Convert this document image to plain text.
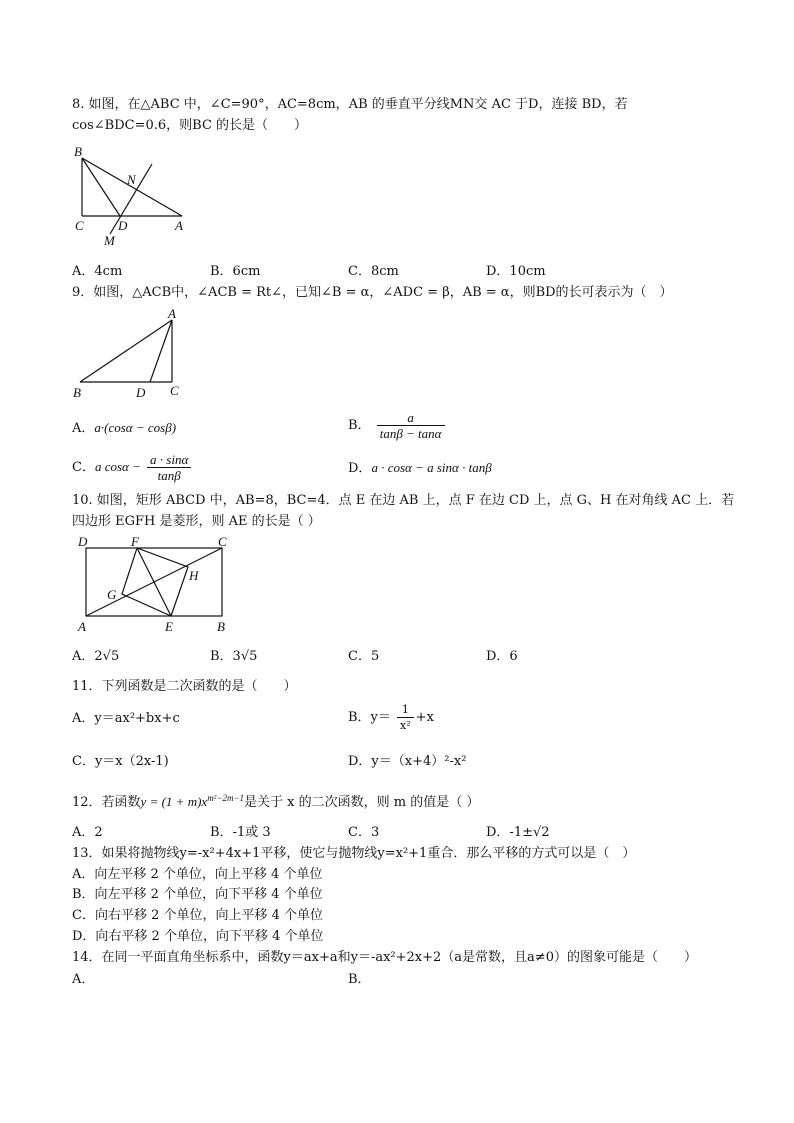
8. 如图，在△ABC 中，∠C=90°，AC=8cm，AB 的垂直平分线MN交 AC 于D，连接 BD，若
cos∠BDC=0.6，则BC 的长是（　　）
B
N
C	D	A
M
A．4cm	B．6cm	C．8cm	D．10cm
9．如图，△ACB中，∠ACB = Rt∠，已知∠B = α，∠ADC = β，AB = α，则BD的长可表示为（　）
A
B	D C
A．a·(cosα − cosβ)	B． $\frac{a}{\tan\beta - \tan\alpha}$
C．a $\cos\alpha - \frac{a \cdot \sin\alpha}{\tan\beta}$	D．a · cosα − a sinα · tanβ
10. 如图，矩形 ABCD 中，AB=8，BC=4．点 E 在边 AB 上，点 F 在边 CD 上，点 G、H 在对角线 AC 上．若
四边形 EGFH 是菱形，则 AE 的长是（ ）
D	F	C
H
G
A	E	B
A．2√5	B．3√5	C．5	D．6
11．下列函数是二次函数的是（　　）
A．y＝ax²+bx+c	B．$y= \frac{1}{\text{x²}} +x$
C．y＝x（2x-1)	D．y＝（x+4）²-x²
12．若函数$y = (1 + m)x^{m^2-2m-1}$是关于 x 的二次函数，则 m 的值是（ ）
A．2	B．-1或 3	C．3	D．-1±√2
13．如果将抛物线y=-x²+4x+1平移，使它与抛物线y=x²+1重合．那么平移的方式可以是（　）
A．向左平移 2 个单位，向上平移 4 个单位
B．向左平移 2 个单位，向下平移 4 个单位
C．向右平移 2 个单位，向上平移 4 个单位
D．向右平移 2 个单位，向下平移 4 个单位
14．在同一平面直角坐标系中，函数y＝ax+a和y＝-ax²+2x+2（a是常数，且a≠0）的图象可能是（　　）
A．	B．
